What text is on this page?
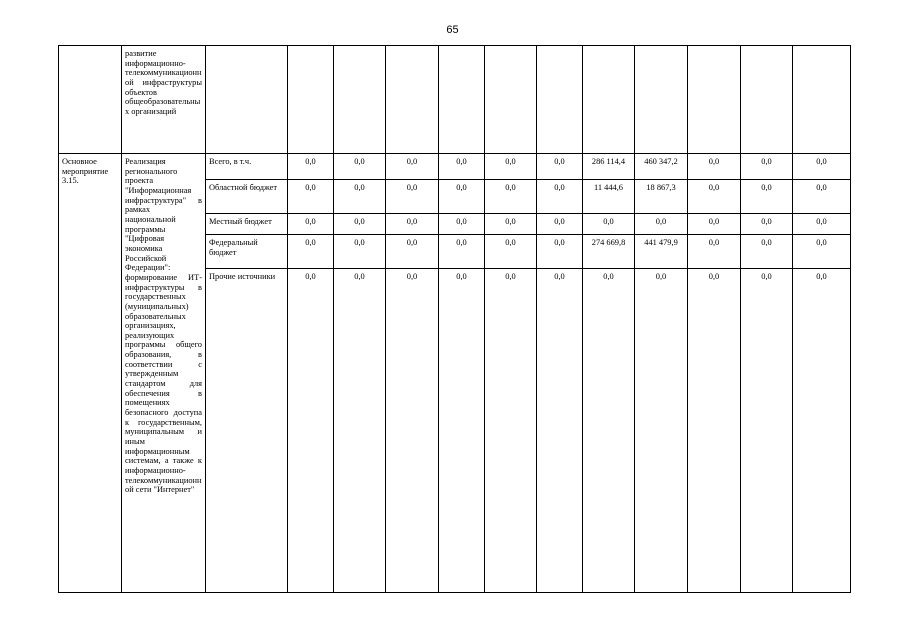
65
	развитие информационно-телекоммуникационной инфраструктуры объектов общеобразовательных организаций													
Основное мероприятие 3.15.	Реализация регионального проекта "Информационная инфраструктура" в рамках национальной программы "Цифровая экономика Российской Федерации": формирование ИТ-инфраструктуры в государственных (муниципальных) образовательных организациях, реализующих программы общего образования, в соответствии с утвержденным стандартом для обеспечения в помещениях безопасного доступа к государственным, муниципальным и иным информационным системам, а также к информационно-телекоммуникационной сети "Интернет"	Всего, в т.ч.	0,0	0,0	0,0	0,0	0,0	0,0	286 114,4	460 347,2	0,0	0,0	0,0	
		Областной бюджет	0,0	0,0	0,0	0,0	0,0	0,0	11 444,6	18 867,3	0,0	0,0	0,0	
		Местный бюджет	0,0	0,0	0,0	0,0	0,0	0,0	0,0	0,0	0,0	0,0	0,0	
		Федеральный бюджет	0,0	0,0	0,0	0,0	0,0	0,0	274 669,8	441 479,9	0,0	0,0	0,0	
		Прочие источники	0,0	0,0	0,0	0,0	0,0	0,0	0,0	0,0	0,0	0,0	0,0	
